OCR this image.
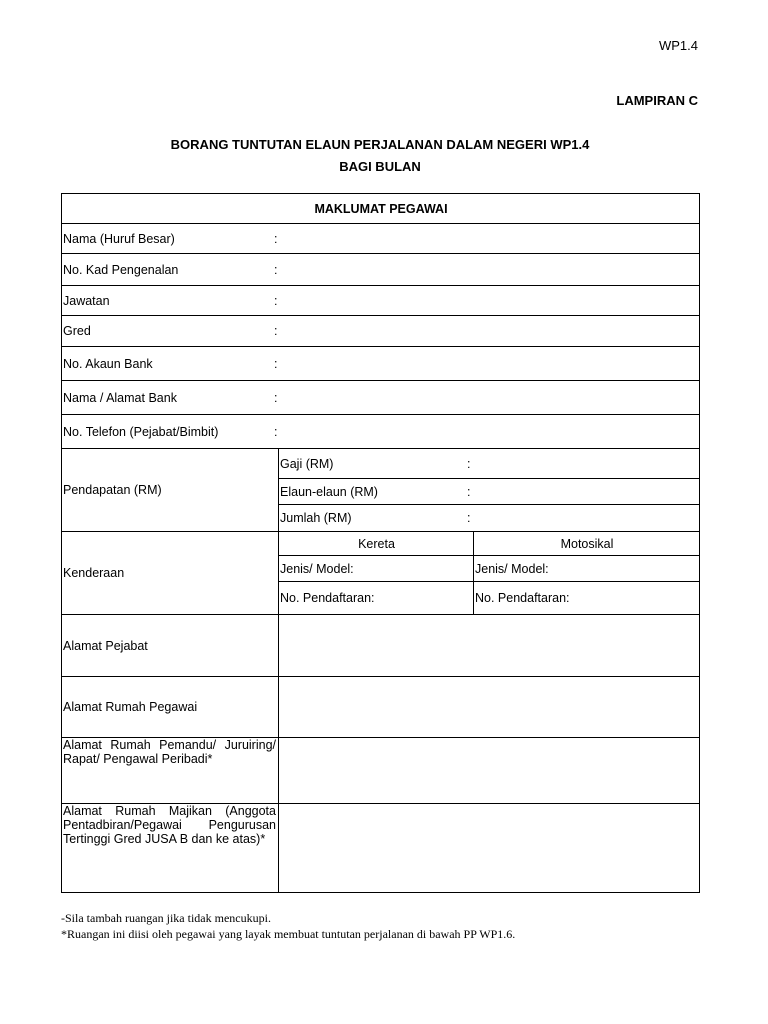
WP1.4
LAMPIRAN C
BORANG TUNTUTAN ELAUN PERJALANAN DALAM NEGERI WP1.4
BAGI BULAN
MAKLUMAT PEGAWAI		
Nama (Huruf Besar) :		

No. Kad Pengenalan :		

Jawatan :		

Gred :		

No. Akaun Bank :		

Nama / Alamat Bank :		

No. Telefon (Pejabat/Bimbit) :		

Pendapatan (RM)	Gaji (RM) :	

	Elaun-elaun (RM) :	

	Jumlah (RM) :	

Kenderaan	Kereta	Motosikal
	Jenis/ Model:	Jenis/ Model:
	No. Pendaftaran:	No. Pendaftaran:
Alamat Pejabat		
Alamat Rumah Pegawai		
Alamat Rumah Pemandu/ Juruiring/ Rapat/ Pengawal Peribadi*		
Alamat Rumah Majikan (Anggota Pentadbiran/Pegawai Pengurusan Tertinggi Gred JUSA B dan ke atas)*		
-Sila tambah ruangan jika tidak mencukupi.
*Ruangan ini diisi oleh pegawai yang layak membuat tuntutan perjalanan di bawah PP WP1.6.
